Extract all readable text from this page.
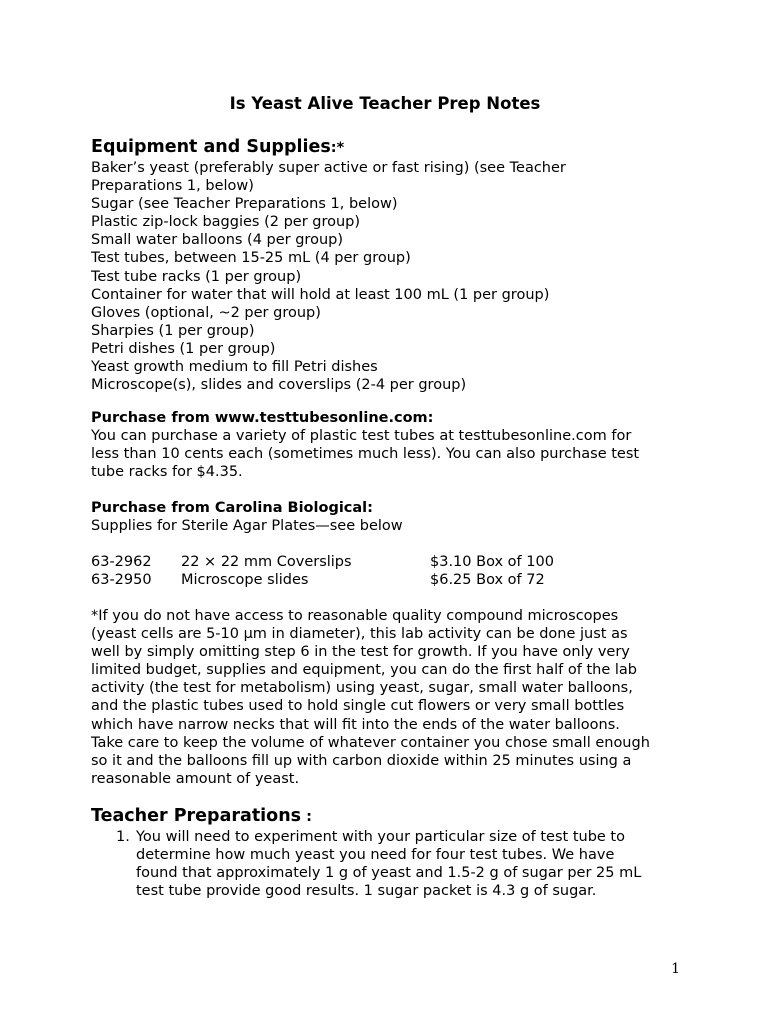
Is Yeast Alive Teacher Prep Notes
Equipment and Supplies:*
Baker’s yeast (preferably super active or fast rising) (see Teacher
Preparations 1, below)
Sugar (see Teacher Preparations 1, below)
Plastic zip-lock baggies (2 per group)
Small water balloons (4 per group)
Test tubes, between 15-25 mL (4 per group)
Test tube racks (1 per group)
Container for water that will hold at least 100 mL (1 per group)
Gloves (optional, ~2 per group)
Sharpies (1 per group)
Petri dishes (1 per group)
Yeast growth medium to fill Petri dishes
Microscope(s), slides and coverslips (2-4 per group)
Purchase from www.testtubesonline.com:
You can purchase a variety of plastic test tubes at testtubesonline.com for
less than 10 cents each (sometimes much less). You can also purchase test
tube racks for $4.35.
Purchase from Carolina Biological:
Supplies for Sterile Agar Plates—see below
63-2962 22 × 22 mm Coverslips	$3.10 Box of 100
63-2950 Microscope slides	$6.25 Box of 72
*If you do not have access to reasonable quality compound microscopes
(yeast cells are 5-10 µm in diameter), this lab activity can be done just as
well by simply omitting step 6 in the test for growth. If you have only very
limited budget, supplies and equipment, you can do the first half of the lab
activity (the test for metabolism) using yeast, sugar, small water balloons,
and the plastic tubes used to hold single cut flowers or very small bottles
which have narrow necks that will fit into the ends of the water balloons.
Take care to keep the volume of whatever container you chose small enough
so it and the balloons fill up with carbon dioxide within 25 minutes using a
reasonable amount of yeast.
Teacher Preparations :
1. You will need to experiment with your particular size of test tube to
determine how much yeast you need for four test tubes. We have
found that approximately 1 g of yeast and 1.5-2 g of sugar per 25 mL
test tube provide good results. 1 sugar packet is 4.3 g of sugar.
1
